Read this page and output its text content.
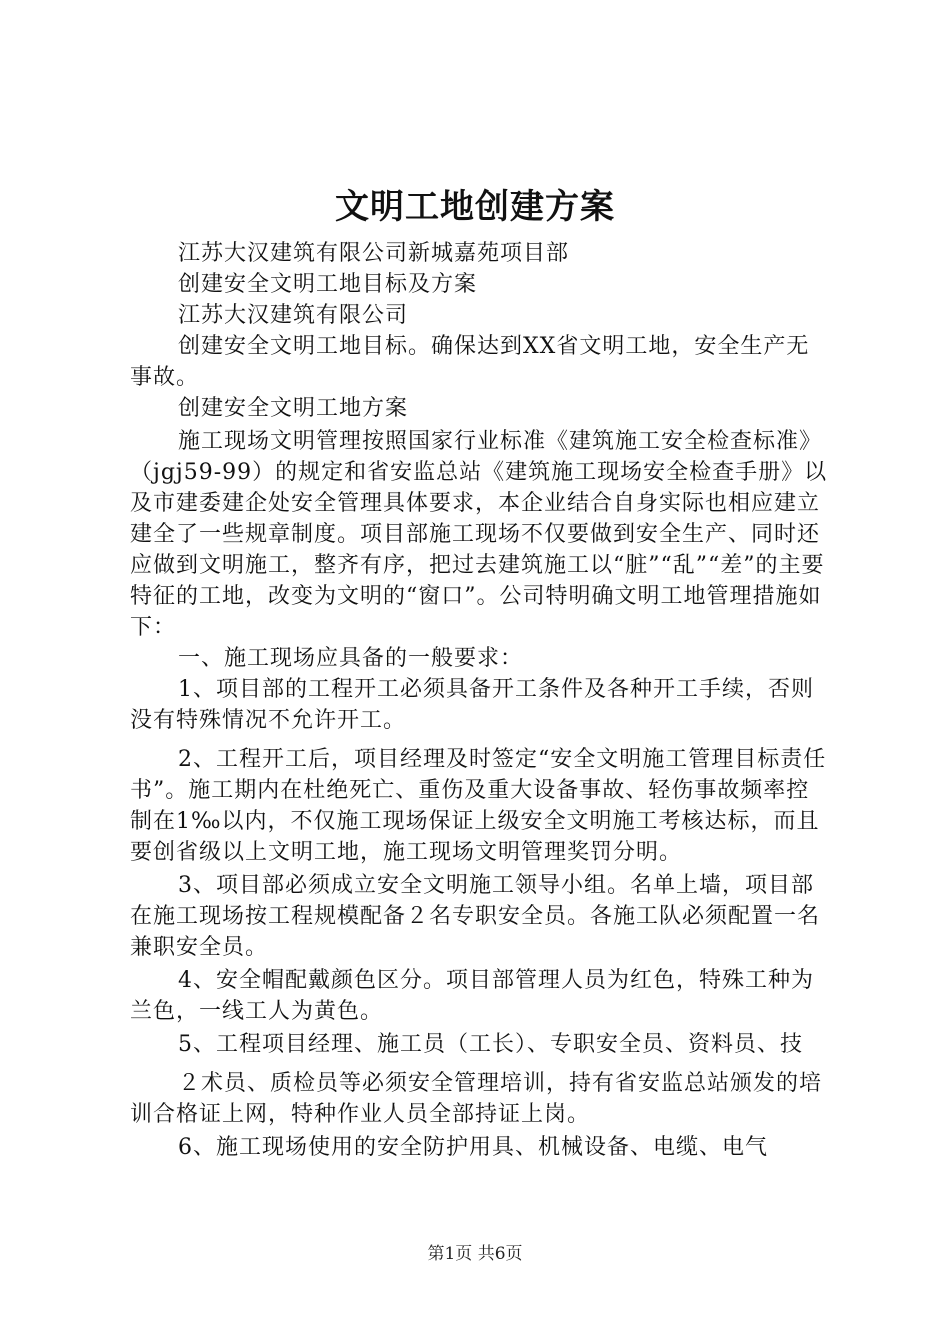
文明工地创建方案

江苏大汉建筑有限公司新城嘉苑项目部

创建安全文明工地目标及方案

江苏大汉建筑有限公司

创建安全文明工地目标。确保达到XX省文明工地，安全生产无事故。

创建安全文明工地方案

施工现场文明管理按照国家行业标准《建筑施工安全检查标准》（jgj59-99）的规定和省安监总站《建筑施工现场安全检查手册》以及市建委建企处安全管理具体要求，本企业结合自身实际也相应建立建全了一些规章制度。项目部施工现场不仅要做到安全生产、同时还应做到文明施工，整齐有序，把过去建筑施工以“脏”“乱”“差”的主要特征的工地，改变为文明的“窗口”。公司特明确文明工地管理措施如下：

一、施工现场应具备的一般要求：

1、项目部的工程开工必须具备开工条件及各种开工手续，否则没有特殊情况不允许开工。

2、工程开工后，项目经理及时签定“安全文明施工管理目标责任书”。施工期内在杜绝死亡、重伤及重大设备事故、轻伤事故频率控制在1‰以内，不仅施工现场保证上级安全文明施工考核达标，而且要创省级以上文明工地，施工现场文明管理奖罚分明。

3、项目部必须成立安全文明施工领导小组。名单上墙，项目部在施工现场按工程规模配备２名专职安全员。各施工队必须配置一名兼职安全员。

4、安全帽配戴颜色区分。项目部管理人员为红色，特殊工种为兰色，一线工人为黄色。

5、工程项目经理、施工员（工长）、专职安全员、资料员、技

２术员、质检员等必须安全管理培训，持有省安监总站颁发的培训合格证上网，特种作业人员全部持证上岗。

6、施工现场使用的安全防护用具、机械设备、电缆、电气

第1页 共6页
